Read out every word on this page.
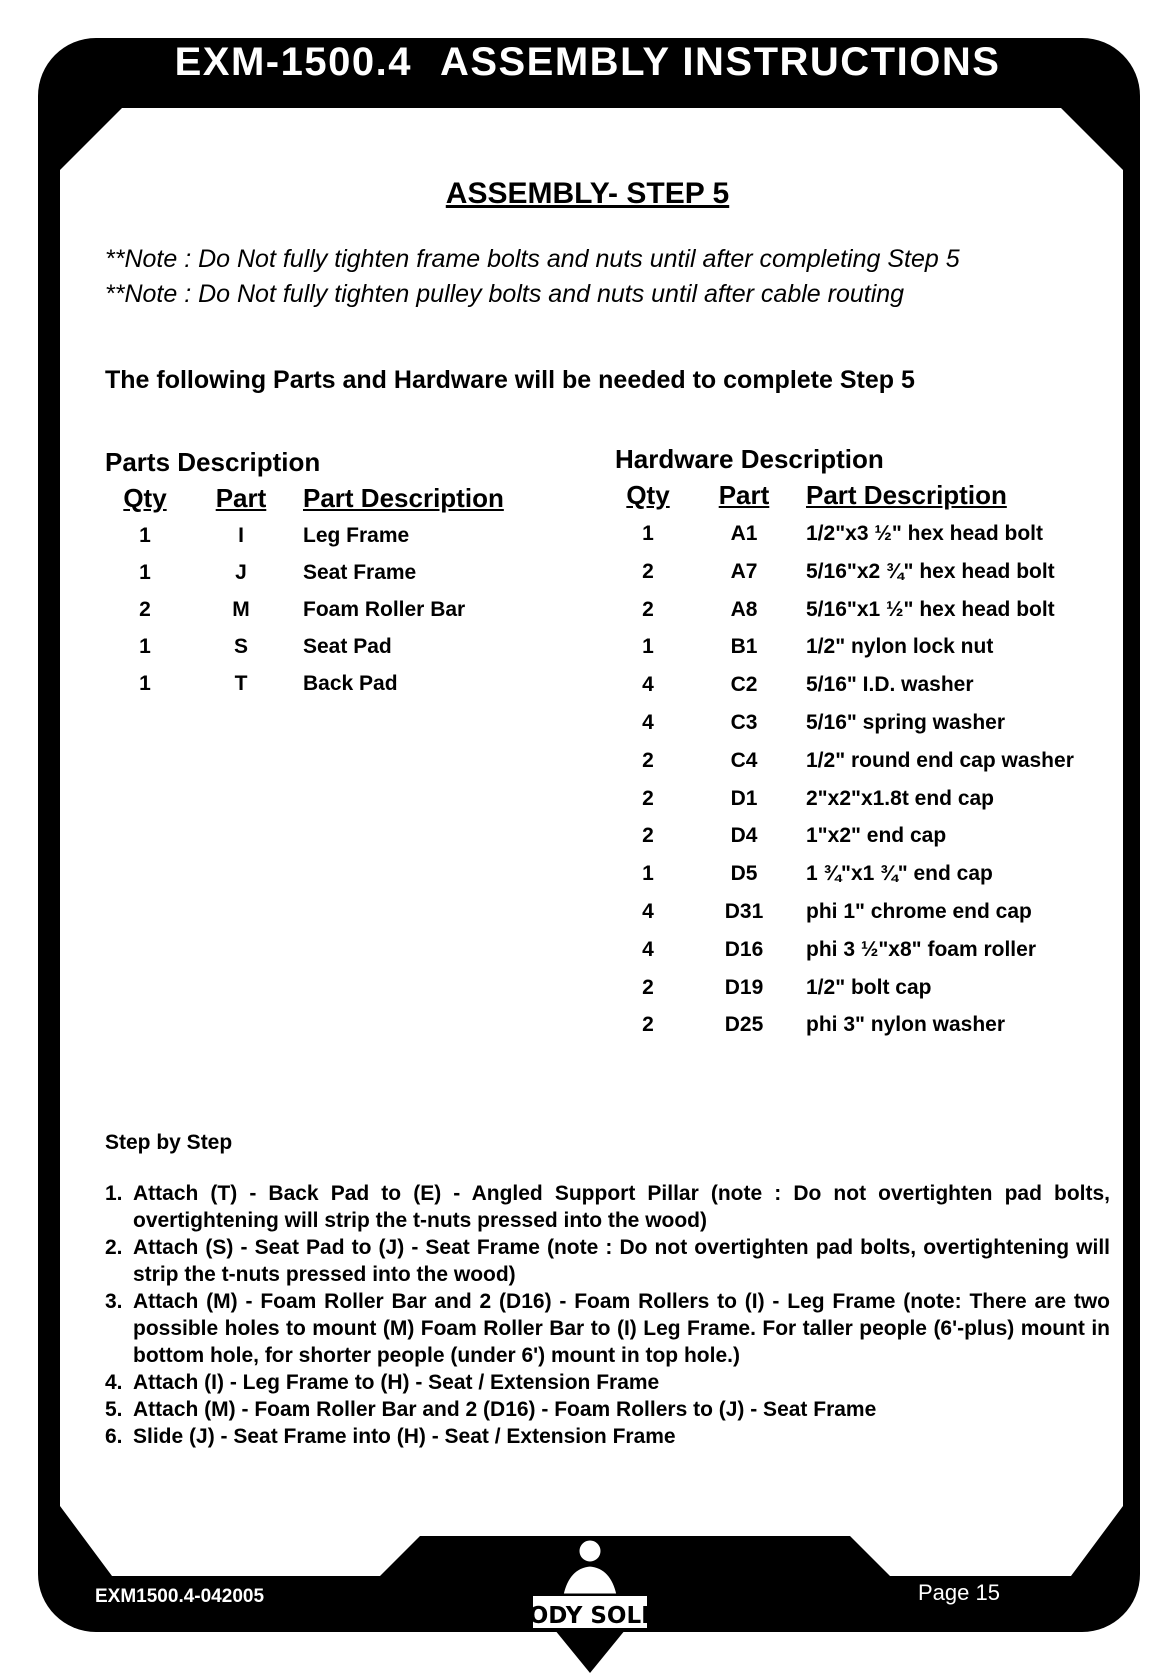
EXM-1500.4 ASSEMBLY INSTRUCTIONS
ASSEMBLY- STEP 5
**Note : Do Not fully tighten frame bolts and nuts until after completing Step 5
**Note : Do Not fully tighten pulley bolts and nuts until after cable routing
The following Parts and Hardware will be needed to complete Step 5
Parts Description
Qty	Part Part Description
1	I	Leg Frame
1	J	Seat Frame
2	M	Foam Roller Bar
1	S	Seat Pad
1	T	Back Pad
Hardware Description
Qty	Part Part Description
1	A1	1/2"x3 ½" hex head bolt
2	A7	5/16"x2 ¾" hex head bolt
2	A8	5/16"x1 ½" hex head bolt
1	B1	1/2" nylon lock nut
4	C2	5/16" I.D. washer
4	C3	5/16" spring washer
2	C4	1/2" round end cap washer
2	D1	2"x2"x1.8t end cap
2	D4	1"x2" end cap
1	D5	1 ¾"x1 ¾" end cap
4	D31	phi 1" chrome end cap
4	D16	phi 3 ½"x8" foam roller
2	D19	1/2" bolt cap
2	D25	phi 3" nylon washer
Step by Step
1. Attach (T) - Back Pad to (E) - Angled Support Pillar (note : Do not overtighten pad bolts, overtightening will strip the t-nuts pressed into the wood)
2. Attach (S) - Seat Pad to (J) - Seat Frame (note : Do not overtighten pad bolts, overtightening will strip the t-nuts pressed into the wood)
3. Attach (M) - Foam Roller Bar and 2 (D16) - Foam Rollers to (I) - Leg Frame (note: There are two possible holes to mount (M) Foam Roller Bar to (I) Leg Frame. For taller people (6'-plus) mount in bottom hole, for shorter people (under 6') mount in top hole.)
4. Attach (I) - Leg Frame to (H) - Seat / Extension Frame
5. Attach (M) - Foam Roller Bar and 2 (D16) - Foam Rollers to (J) - Seat Frame
6. Slide (J) - Seat Frame into (H) - Seat / Extension Frame
EXM1500.4-042005	Page 15
BODY SOLID
